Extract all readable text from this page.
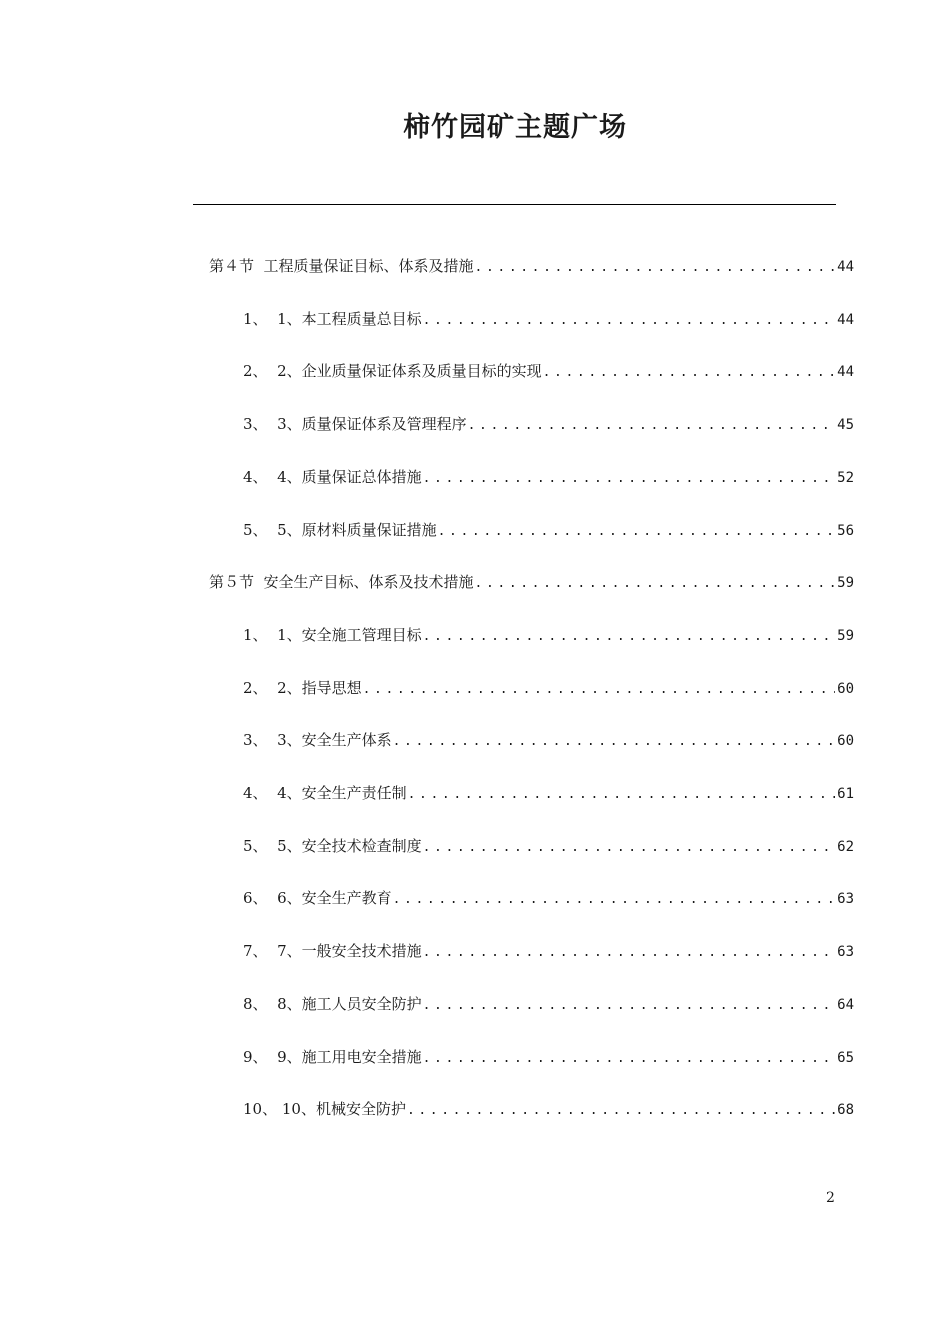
柿竹园矿主题广场
第４节  工程质量保证目标、体系及措施 .....	44
1、  1、本工程质量总目标 .....	44
2、  2、企业质量保证体系及质量目标的实现 .....	44
3、  3、质量保证体系及管理程序 .....	45
4、  4、质量保证总体措施 .....	52
5、  5、原材料质量保证措施 .....	56
第５节  安全生产目标、体系及技术措施 .....	59
1、  1、安全施工管理目标 .....	59
2、  2、指导思想 .....	60
3、  3、安全生产体系 .....	60
4、  4、安全生产责任制 .....	61
5、  5、安全技术检查制度 .....	62
6、  6、安全生产教育 .....	63
7、  7、一般安全技术措施 .....	63
8、  8、施工人员安全防护 .....	64
9、  9、施工用电安全措施 .....	65
10、 10、机械安全防护 .....	68
2
